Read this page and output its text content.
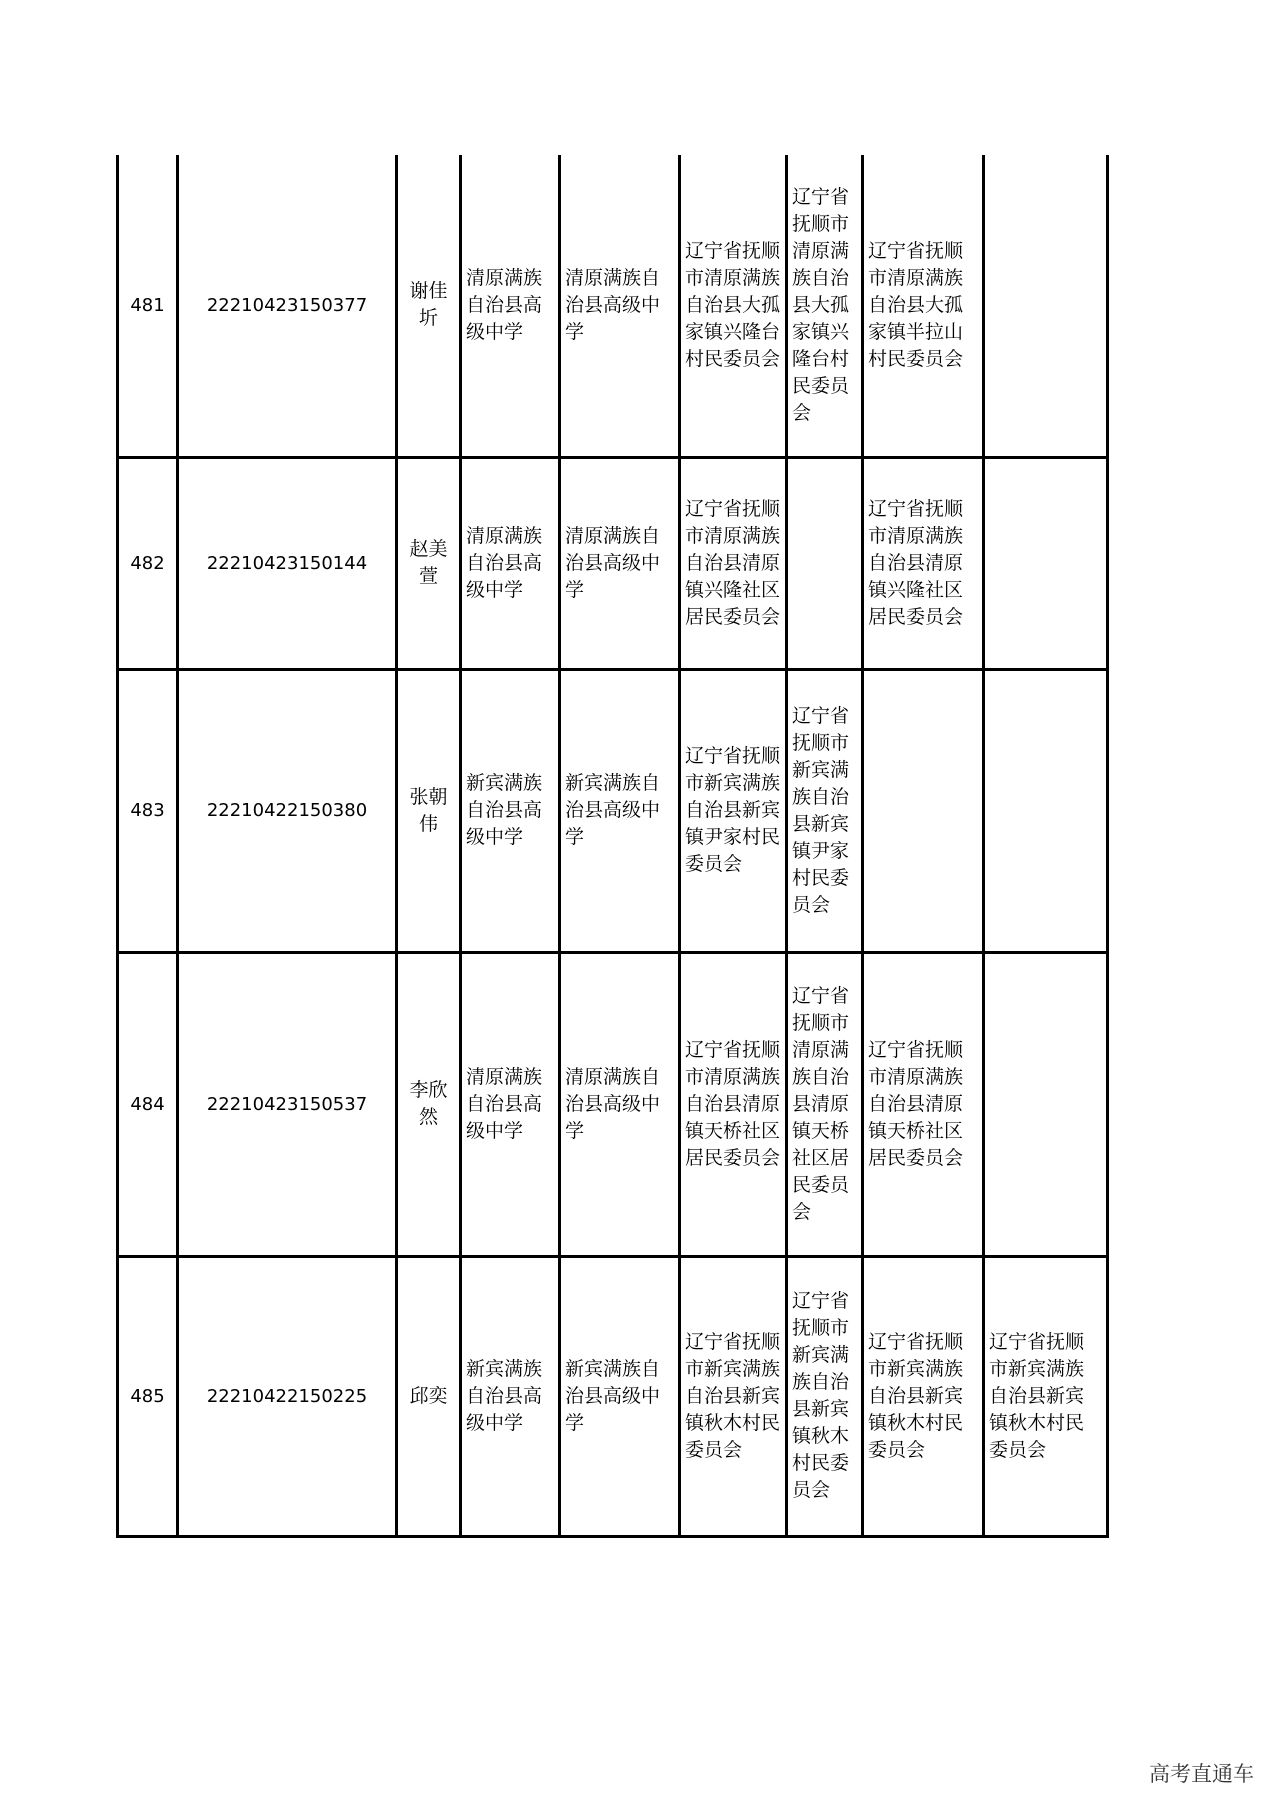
481	22210423150377	谢佳圻	清原满族自治县高级中学	清原满族自治县高级中学	辽宁省抚顺市清原满族自治县大孤家镇兴隆台村民委员会	辽宁省抚顺市清原满族自治县大孤家镇兴隆台村民委员会	辽宁省抚顺市清原满族自治县大孤家镇半拉山村民委员会	
482	22210423150144	赵美萱	清原满族自治县高级中学	清原满族自治县高级中学	辽宁省抚顺市清原满族自治县清原镇兴隆社区居民委员会		辽宁省抚顺市清原满族自治县清原镇兴隆社区居民委员会	
483	22210422150380	张朝伟	新宾满族自治县高级中学	新宾满族自治县高级中学	辽宁省抚顺市新宾满族自治县新宾镇尹家村民委员会	辽宁省抚顺市新宾满族自治县新宾镇尹家村民委员会		
484	22210423150537	李欣然	清原满族自治县高级中学	清原满族自治县高级中学	辽宁省抚顺市清原满族自治县清原镇天桥社区居民委员会	辽宁省抚顺市清原满族自治县清原镇天桥社区居民委员会	辽宁省抚顺市清原满族自治县清原镇天桥社区居民委员会	
485	22210422150225	邱奕	新宾满族自治县高级中学	新宾满族自治县高级中学	辽宁省抚顺市新宾满族自治县新宾镇秋木村民委员会	辽宁省抚顺市新宾满族自治县新宾镇秋木村民委员会	辽宁省抚顺市新宾满族自治县新宾镇秋木村民委员会	辽宁省抚顺市新宾满族自治县新宾镇秋木村民委员会
高考直通车
